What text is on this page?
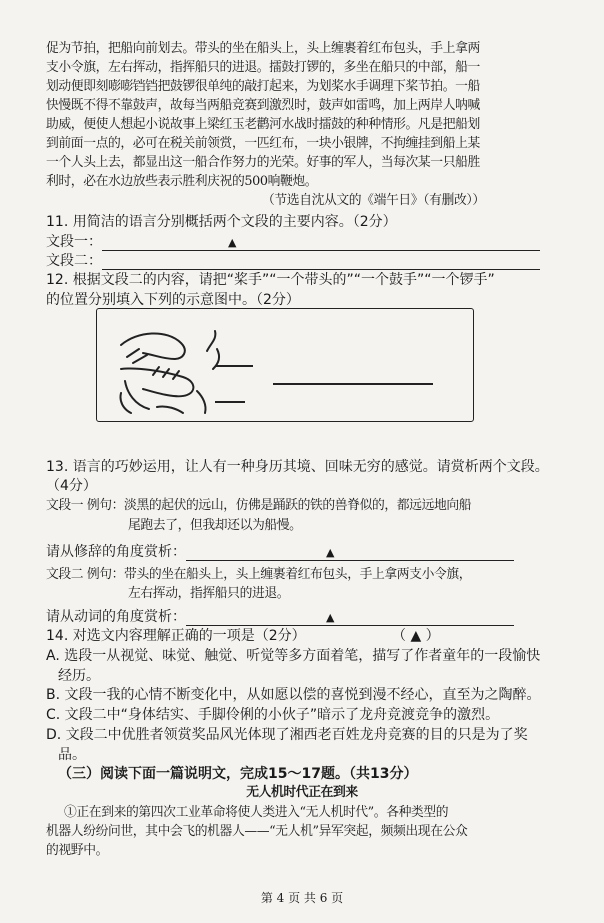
促为节拍，把船向前划去。带头的坐在船头上，头上缠裹着红布包头，手上拿两
支小令旗，左右挥动，指挥船只的进退。擂鼓打锣的，多坐在船只的中部，船一
划动便即刻嘭嘭铛铛把鼓锣很单纯的敲打起来，为划桨水手调理下桨节拍。一船
快慢既不得不靠鼓声，故每当两船竞赛到激烈时，鼓声如雷鸣，加上两岸人呐喊
助威，便使人想起小说故事上梁红玉老鹳河水战时擂鼓的种种情形。凡是把船划
到前面一点的，必可在税关前领赏，一匹红布，一块小银牌，不拘缠挂到船上某
一个人头上去，都显出这一船合作努力的光荣。好事的军人，当每次某一只船胜
利时，必在水边放些表示胜利庆祝的500响鞭炮。
（节选自沈从文的《端午日》（有删改））
11. 用简洁的语言分别概括两个文段的主要内容。（2分）
文段一：	▲
文段二：
12. 根据文段二的内容，请把“桨手”“一个带头的”“一个鼓手”“一个锣手”
的位置分别填入下列的示意图中。（2分）
13. 语言的巧妙运用，让人有一种身历其境、回味无穷的感觉。请赏析两个文段。
（4分）
文段一 例句：淡黑的起伏的远山，仿佛是踊跃的铁的兽脊似的，都远远地向船
尾跑去了，但我却还以为船慢。
请从修辞的角度赏析：	▲
文段二 例句：带头的坐在船头上，头上缠裹着红布包头，手上拿两支小令旗，
左右挥动，指挥船只的进退。
请从动词的角度赏析：	▲
14. 对选文内容理解正确的一项是（2分）	（ ▲ ）
A. 选段一从视觉、味觉、触觉、听觉等多方面着笔，描写了作者童年的一段愉快
经历。
B. 文段一我的心情不断变化中，从如愿以偿的喜悦到漫不经心，直至为之陶醉。
C. 文段二中“身体结实、手脚伶俐的小伙子”暗示了龙舟竞渡竞争的激烈。
D. 文段二中优胜者领赏奖品风光体现了湘西老百姓龙舟竞赛的目的只是为了奖
品。
（三）阅读下面一篇说明文，完成15～17题。（共13分）
无人机时代正在到来
①正在到来的第四次工业革命将使人类进入“无人机时代”。各种类型的
机器人纷纷问世，其中会飞的机器人——“无人机”异军突起，频频出现在公众
的视野中。
第 4 页 共 6 页
